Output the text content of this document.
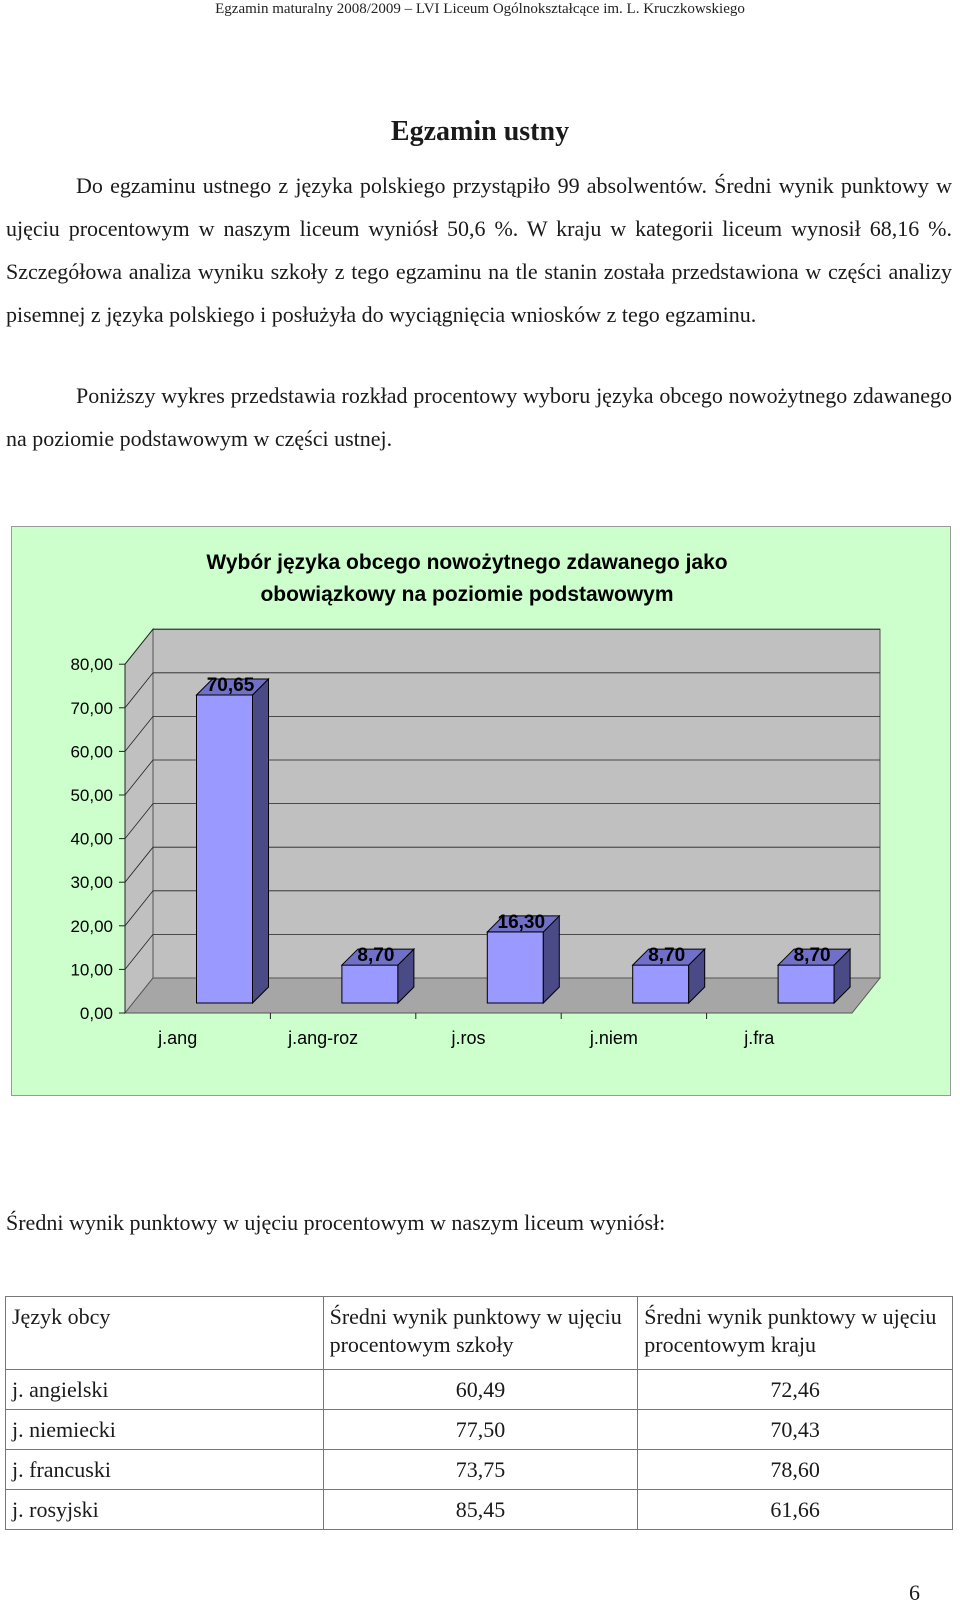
Egzamin maturalny 2008/2009 – LVI Liceum Ogólnokształcące im. L. Kruczkowskiego
Egzamin ustny

Do egzaminu ustnego z języka polskiego przystąpiło 99 absolwentów. Średni wynik punktowy w ujęciu procentowym w naszym liceum wyniósł 50,6 %. W kraju w kategorii liceum wynosił 68,16 %. Szczegółowa analiza wyniku szkoły z tego egzaminu na tle stanin została przedstawiona w części analizy pisemnej z języka polskiego i posłużyła do wyciągnięcia wniosków z tego egzaminu.

Poniższy wykres przedstawia rozkład procentowy wyboru języka obcego nowożytnego zdawanego na poziomie podstawowym w części ustnej.

Wybór języka obcego nowożytnego zdawanego jako
obowiązkowy na poziomie podstawowym
0,00
10,00
20,00
30,00
40,00
50,00
60,00
70,00
80,00
70,65
j.ang
8,70
j.ang-roz
16,30
j.ros
8,70
j.niem
8,70
j.fra
Średni wynik punktowy w ujęciu procentowym w naszym liceum wyniósł:
Język obcy	Średni wynik punktowy w ujęciu procentowym szkoły	Średni wynik punktowy w ujęciu procentowym kraju
j. angielski	60,49	72,46
j. niemiecki	77,50	70,43
j. francuski	73,75	78,60
j. rosyjski	85,45	61,66
6
